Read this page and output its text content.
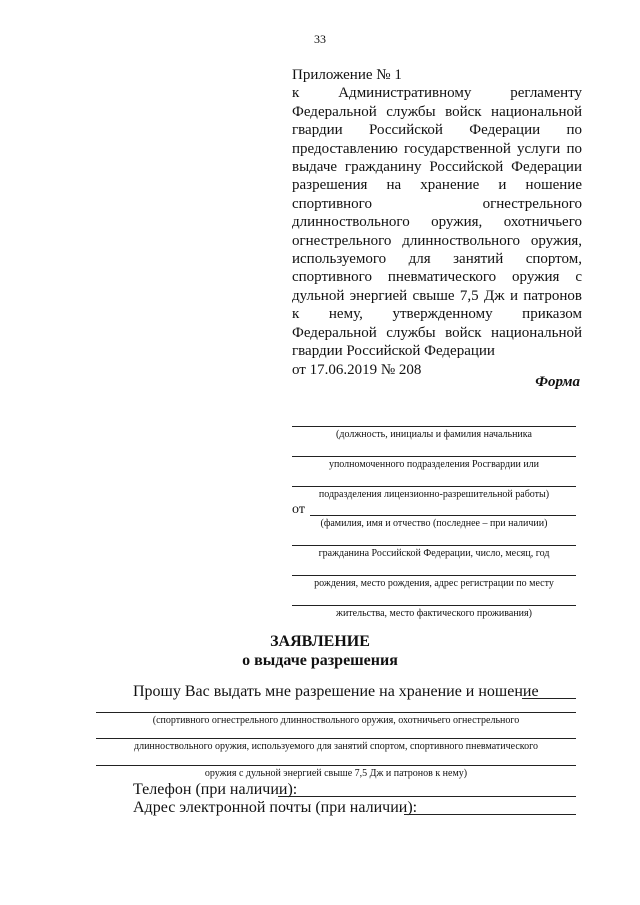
33
Приложение № 1
к Административному регламенту
Федеральной службы войск национальной
гвардии Российской Федерации по
предоставлению государственной услуги по
выдаче гражданину Российской Федерации
разрешения на хранение и ношение
спортивного огнестрельного
длинноствольного оружия, охотничьего
огнестрельного длинноствольного оружия,
используемого для занятий спортом,
спортивного пневматического оружия с
дульной энергией свыше 7,5 Дж и патронов
к нему, утвержденному приказом
Федеральной службы войск национальной
гвардии Российской Федерации
от 17.06.2019 № 208
Форма
(должность, инициалы и фамилия начальника
уполномоченного подразделения Росгвардии или
подразделения лицензионно-разрешительной работы)
от
(фамилия, имя и отчество (последнее – при наличии)
гражданина Российской Федерации, число, месяц, год
рождения, место рождения, адрес регистрации по месту
жительства, место фактического проживания)
ЗАЯВЛЕНИЕ
о выдаче разрешения
Прошу Вас выдать мне разрешение на хранение и ношение
(спортивного огнестрельного длинноствольного оружия, охотничьего огнестрельного
длинноствольного оружия, используемого для занятий спортом, спортивного пневматического
оружия с дульной энергией свыше 7,5 Дж и патронов к нему)
Телефон (при наличии):
Адрес электронной почты (при наличии):
